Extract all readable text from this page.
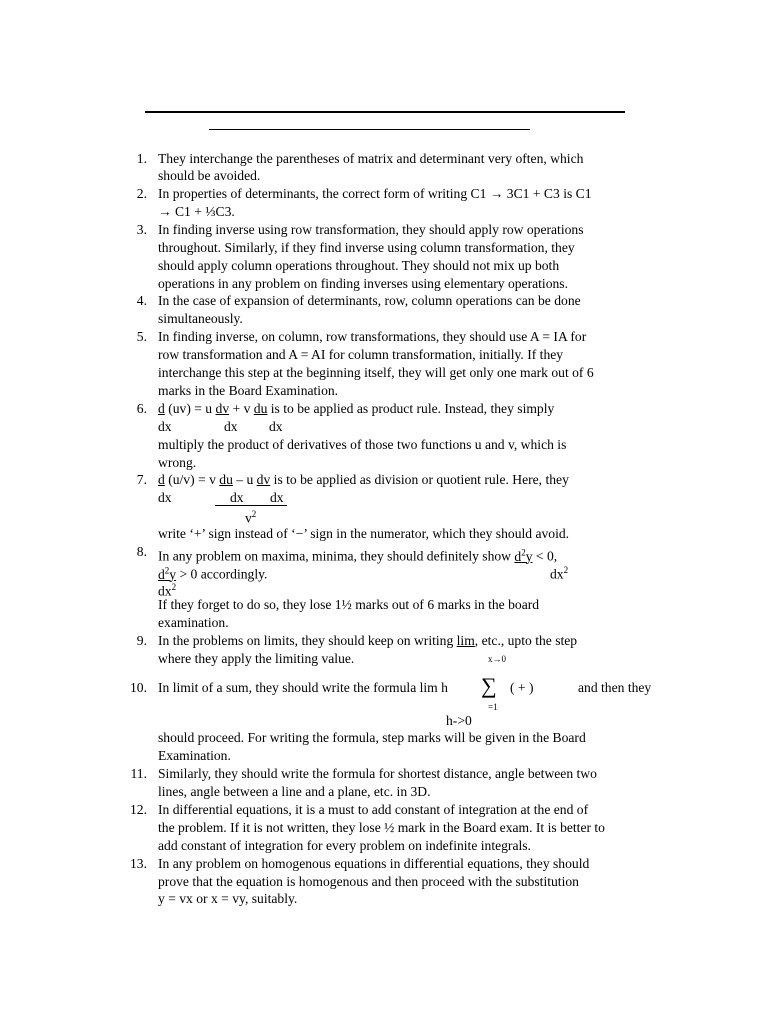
1. They interchange the parentheses of matrix and determinant very often, which
should be avoided.
2. In properties of determinants, the correct form of writing C1 → 3C1 + C3 is C1
→ C1 + ⅓C3.
3. In finding inverse using row transformation, they should apply row operations
throughout. Similarly, if they find inverse using column transformation, they
should apply column operations throughout. They should not mix up both
operations in any problem on finding inverses using elementary operations.
4. In the case of expansion of determinants, row, column operations can be done
simultaneously.
5. In finding inverse, on column, row transformations, they should use A = IA for
row transformation and A = AI for column transformation, initially. If they
interchange this step at the beginning itself, they will get only one mark out of 6
marks in the Board Examination.
6. d (uv) = u dv + v du is to be applied as product rule. Instead, they simply
dx	dx dx
multiply the product of derivatives of those two functions u and v, which is
wrong.
7. d (u/v) = v du – u dv is to be applied as division or quotient rule. Here, they
dx	dx dx
$v^2$
write ‘+’ sign instead of ‘−’ sign in the numerator, which they should avoid.
8. In any problem on maxima, minima, they should definitely show $d^2y < 0$,
$dx^2$
$d^2y > 0$ accordingly.
$dx^2$
If they forget to do so, they lose 1½ marks out of 6 marks in the board
examination.
9. In the problems on limits, they should keep on writing lim, etc., upto the step
where they apply the limiting value.	x→0
10. In limit of a sum, they should write the formula lim h ∑ ( + )	and then they
=1
h->0
should proceed. For writing the formula, step marks will be given in the Board
Examination.
11. Similarly, they should write the formula for shortest distance, angle between two
lines, angle between a line and a plane, etc. in 3D.
12. In differential equations, it is a must to add constant of integration at the end of
the problem. If it is not written, they lose ½ mark in the Board exam. It is better to
add constant of integration for every problem on indefinite integrals.
13. In any problem on homogenous equations in differential equations, they should
prove that the equation is homogenous and then proceed with the substitution
y = vx or x = vy, suitably.
